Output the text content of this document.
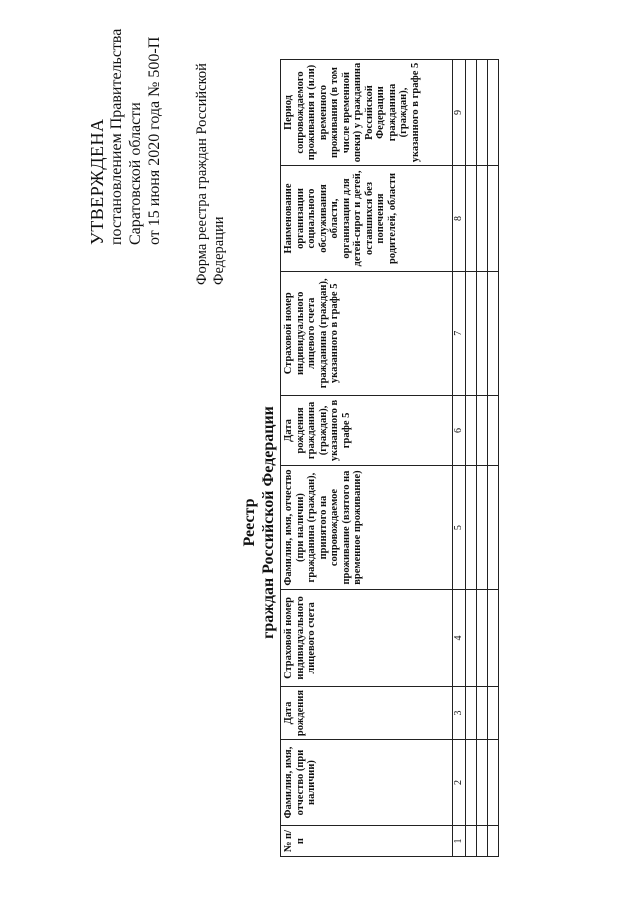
УТВЕРЖДЕНА постановлением Правительства Саратовской области от 15 июня 2020 года № 500-П Форма реестра граждан Российской Федерации
Реестр граждан Российской Федерации
№ п/п	Фамилия, имя, отчество (при наличии)	Дата рождения	Страховой номер индивидуального лицевого счета	Фамилия, имя, отчество (при наличии) гражданина (граждан), принятого на сопровождаемое проживание (взятого на временное проживание)	Дата рождения гражданина (граждан), указанного в графе 5	Страховой номер индивидуального лицевого счета гражданина (граждан), указанного в графе 5	Наименование организации социального обслуживания области, организации для детей-сирот и детей, оставшихся без попечения родителей, области	Период сопровождаемого проживания и (или) временного проживания (в том числе временной опеки) у гражданина Российской Федерации гражданина (граждан), указанного в графе 5
1	2	3	4	5	6	7	8	9
